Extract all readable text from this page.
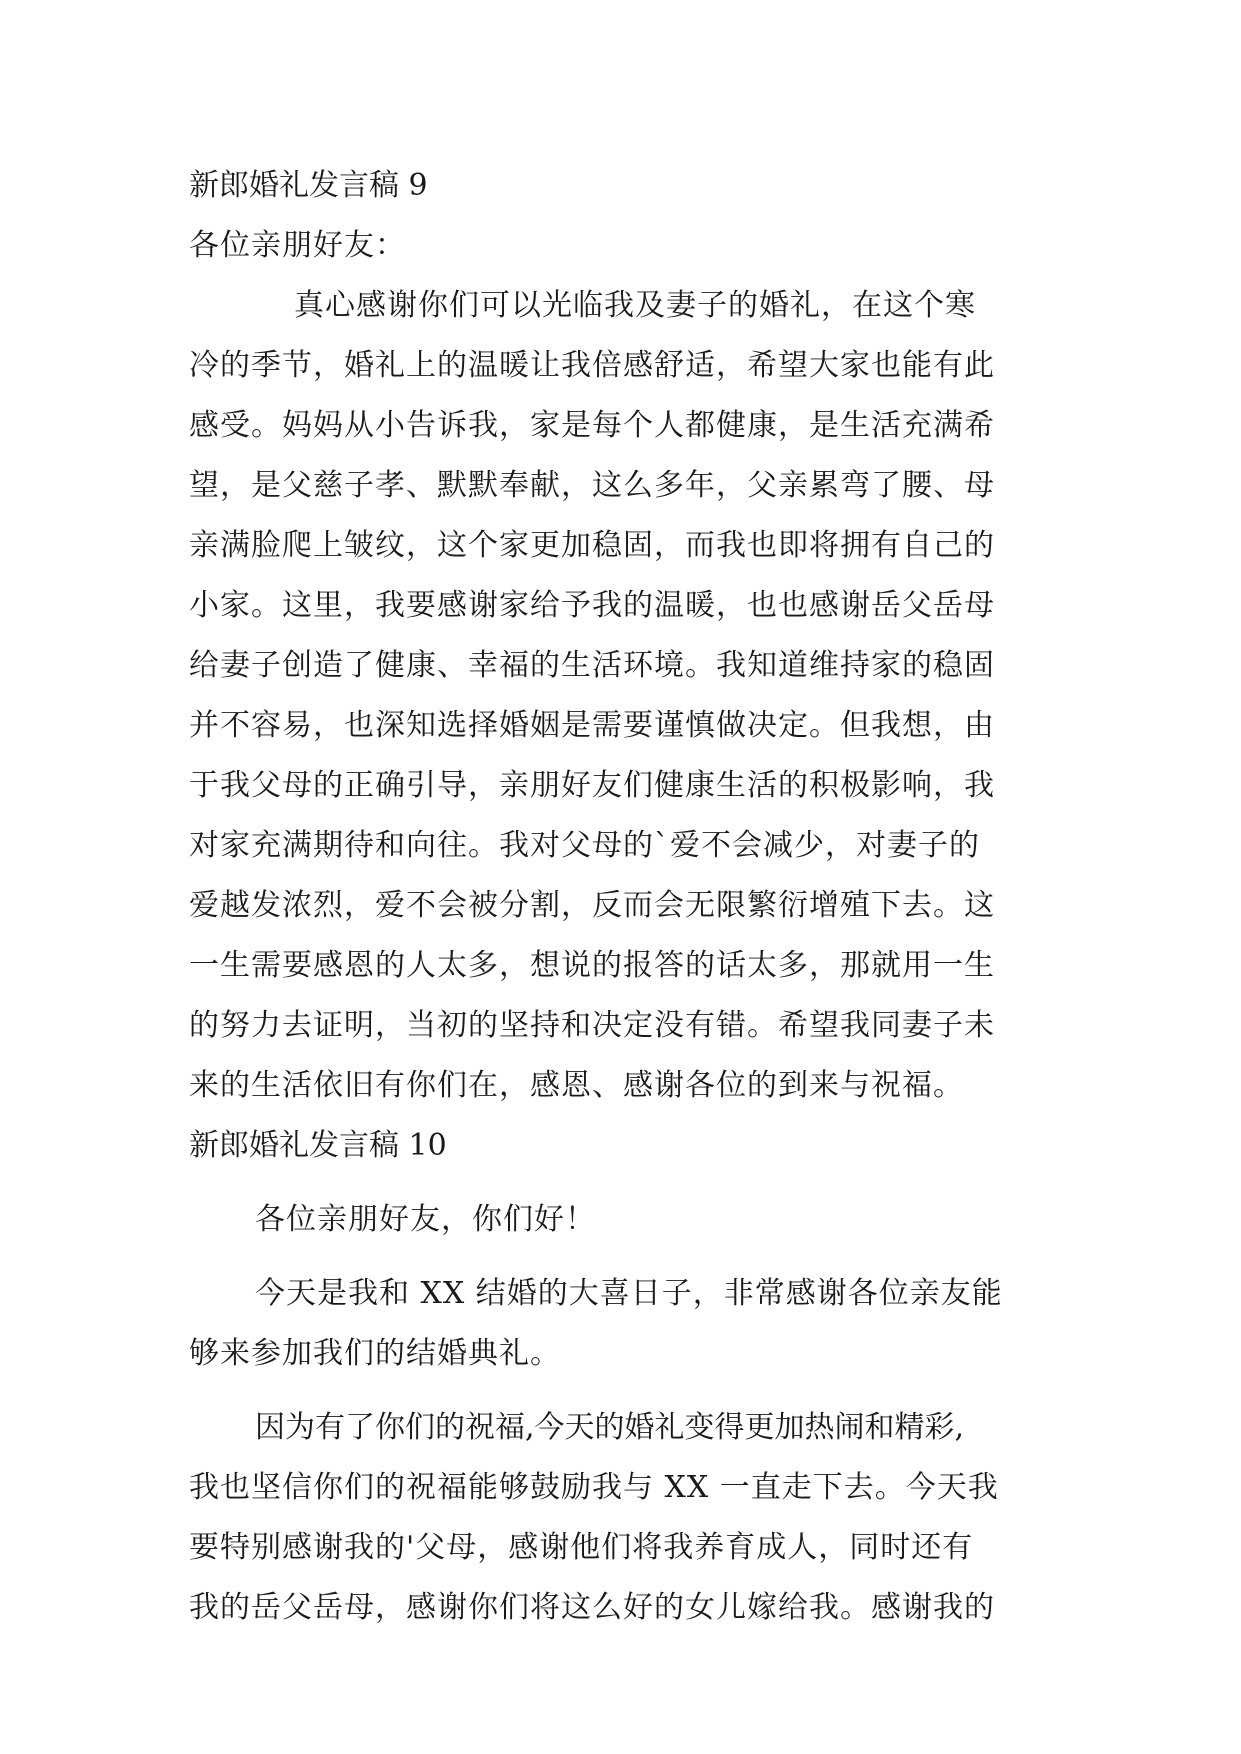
新郎婚礼发言稿 9
各位亲朋好友：
真心感谢你们可以光临我及妻子的婚礼，在这个寒
冷的季节，婚礼上的温暖让我倍感舒适，希望大家也能有此
感受。妈妈从小告诉我，家是每个人都健康，是生活充满希
望，是父慈子孝、默默奉献，这么多年，父亲累弯了腰、母
亲满脸爬上皱纹，这个家更加稳固，而我也即将拥有自己的
小家。这里，我要感谢家给予我的温暖，也也感谢岳父岳母
给妻子创造了健康、幸福的生活环境。我知道维持家的稳固
并不容易，也深知选择婚姻是需要谨慎做决定。但我想，由
于我父母的正确引导，亲朋好友们健康生活的积极影响，我
对家充满期待和向往。我对父母的`爱不会减少，对妻子的
爱越发浓烈，爱不会被分割，反而会无限繁衍增殖下去。这
一生需要感恩的人太多，想说的报答的话太多，那就用一生
的努力去证明，当初的坚持和决定没有错。希望我同妻子未
来的生活依旧有你们在，感恩、感谢各位的到来与祝福。
新郎婚礼发言稿 10
各位亲朋好友，你们好！
今天是我和 XX 结婚的大喜日子，非常感谢各位亲友能
够来参加我们的结婚典礼。
因为有了你们的祝福,今天的婚礼变得更加热闹和精彩,
我也坚信你们的祝福能够鼓励我与 XX 一直走下去。今天我
要特别感谢我的'父母，感谢他们将我养育成人，同时还有
我的岳父岳母，感谢你们将这么好的女儿嫁给我。感谢我的
